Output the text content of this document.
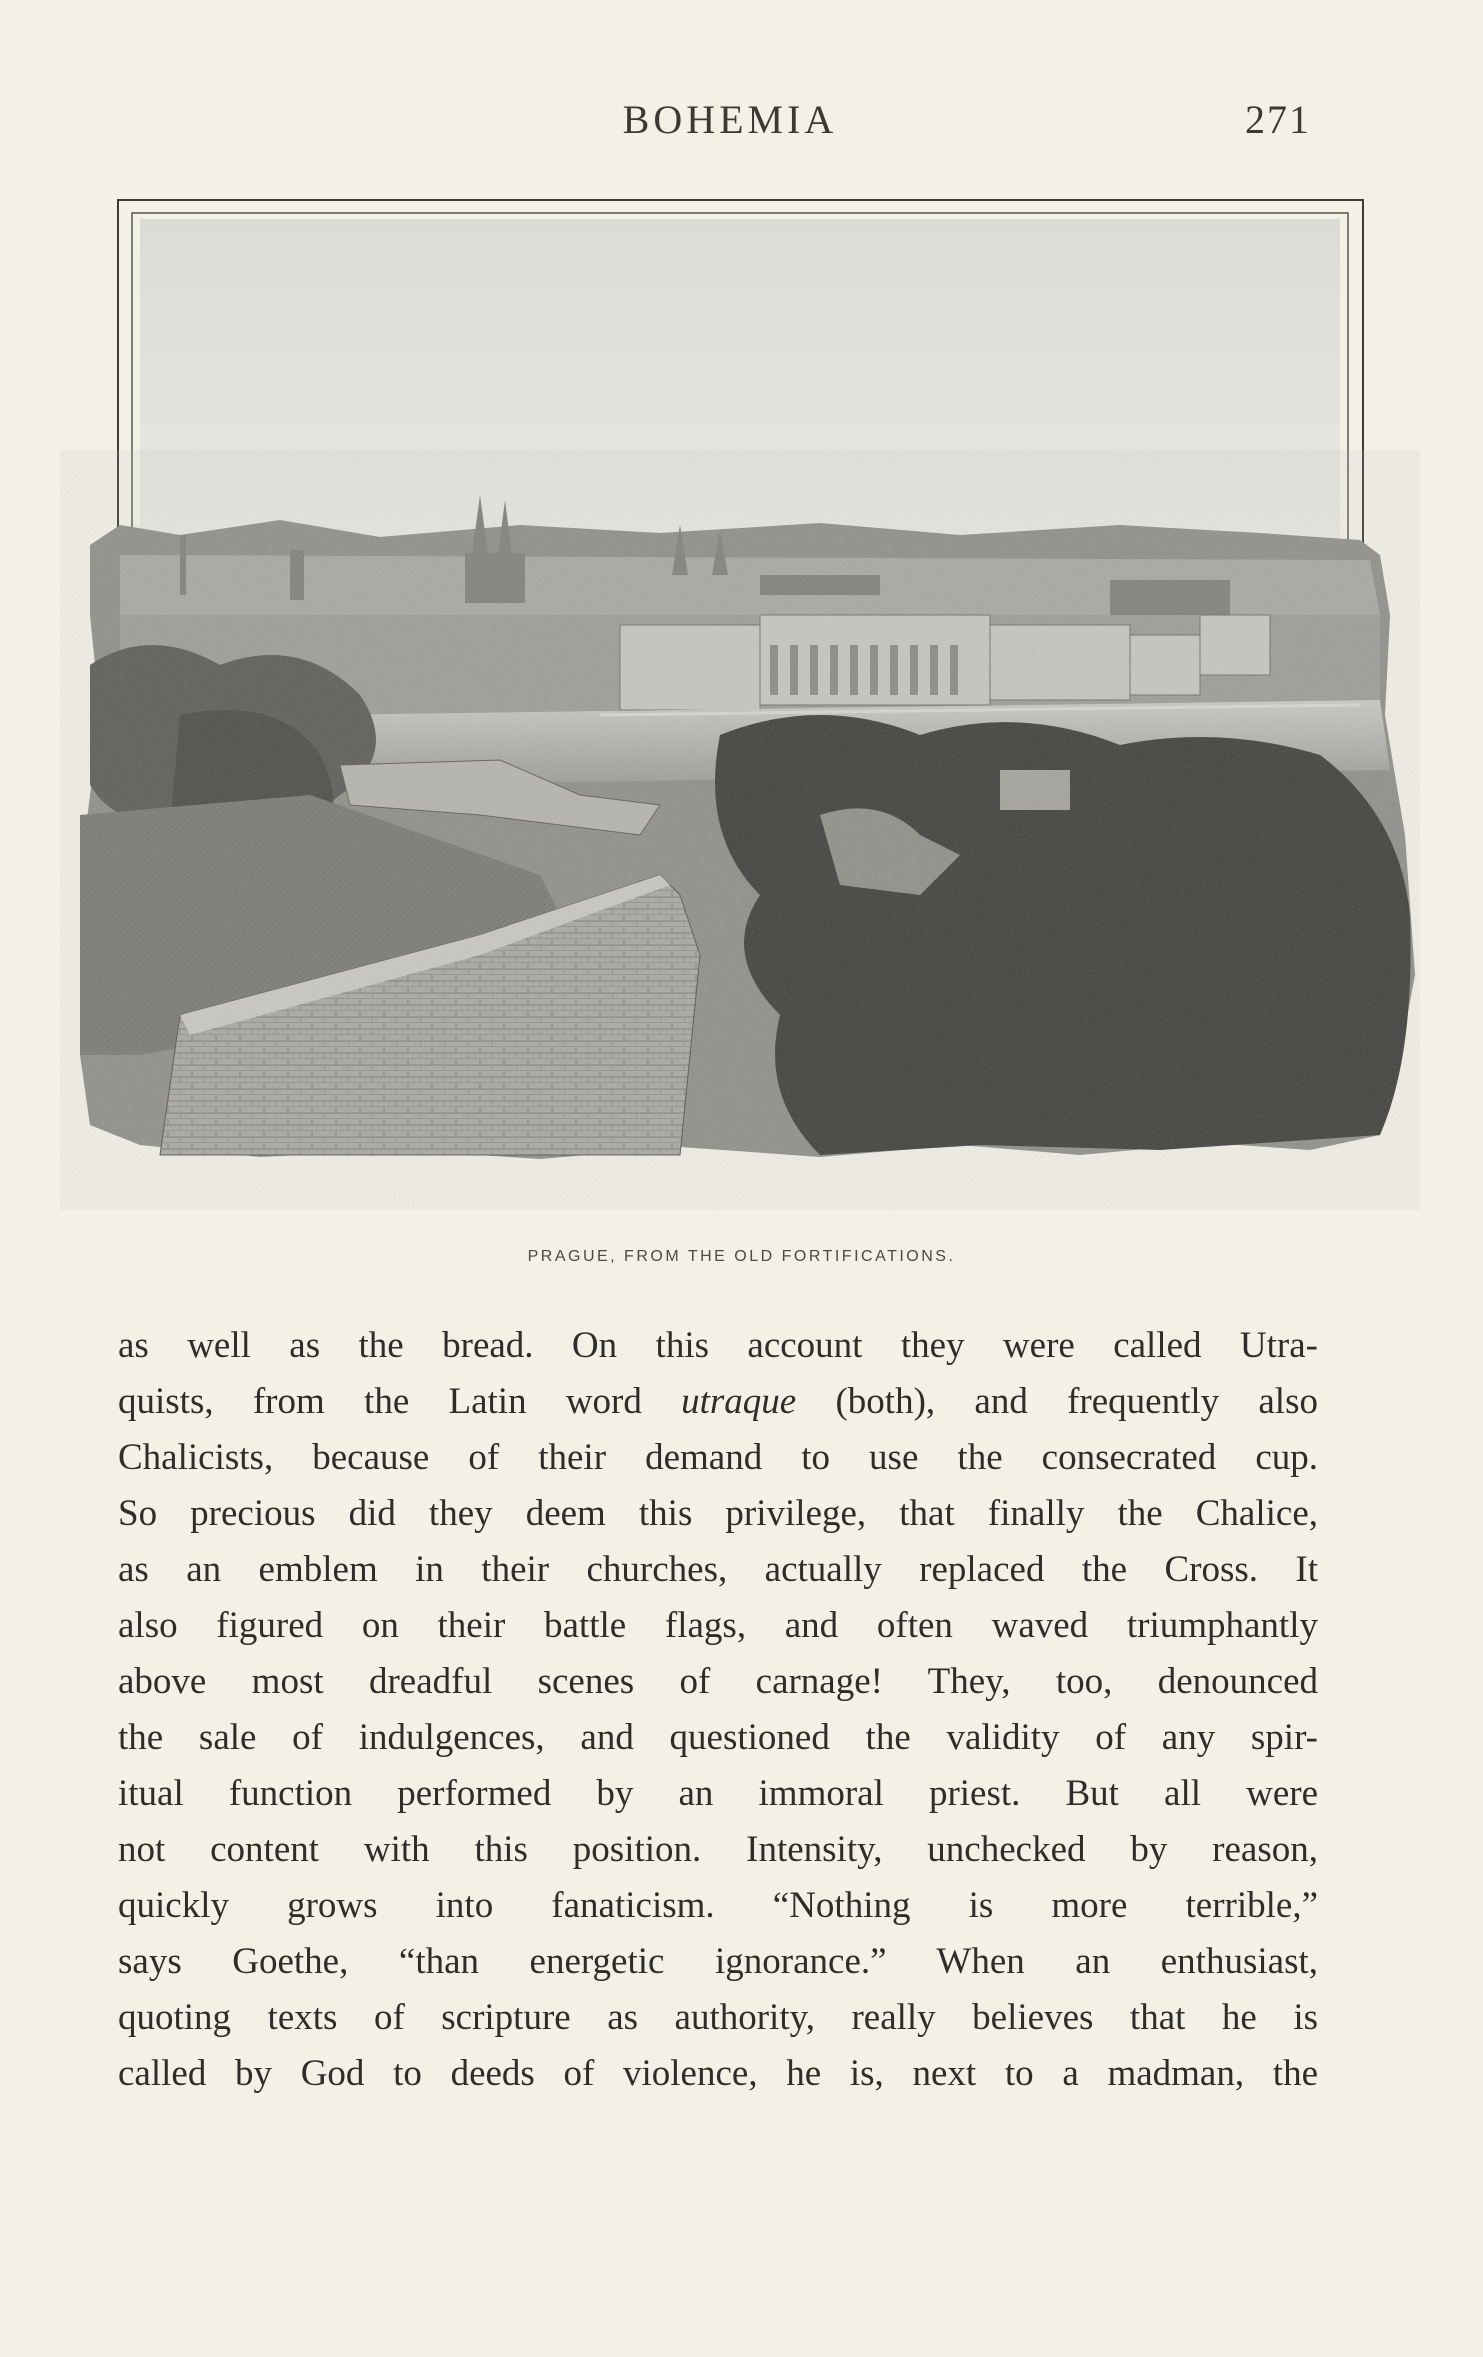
BOHEMIA	271
PRAGUE, FROM THE OLD FORTIFICATIONS.
as well as the bread. On this account they were called Utra-
quists, from the Latin word utraque (both), and frequently also
Chalicists, because of their demand to use the consecrated cup.
So precious did they deem this privilege, that finally the Chalice,
as an emblem in their churches, actually replaced the Cross. It
also figured on their battle flags, and often waved triumphantly
above most dreadful scenes of carnage! They, too, denounced
the sale of indulgences, and questioned the validity of any spir-
itual function performed by an immoral priest. But all were
not content with this position. Intensity, unchecked by reason,
quickly grows into fanaticism. “Nothing is more terrible,”
says Goethe, “than energetic ignorance.” When an enthusiast,
quoting texts of scripture as authority, really believes that he is
called by God to deeds of violence, he is, next to a madman, the
